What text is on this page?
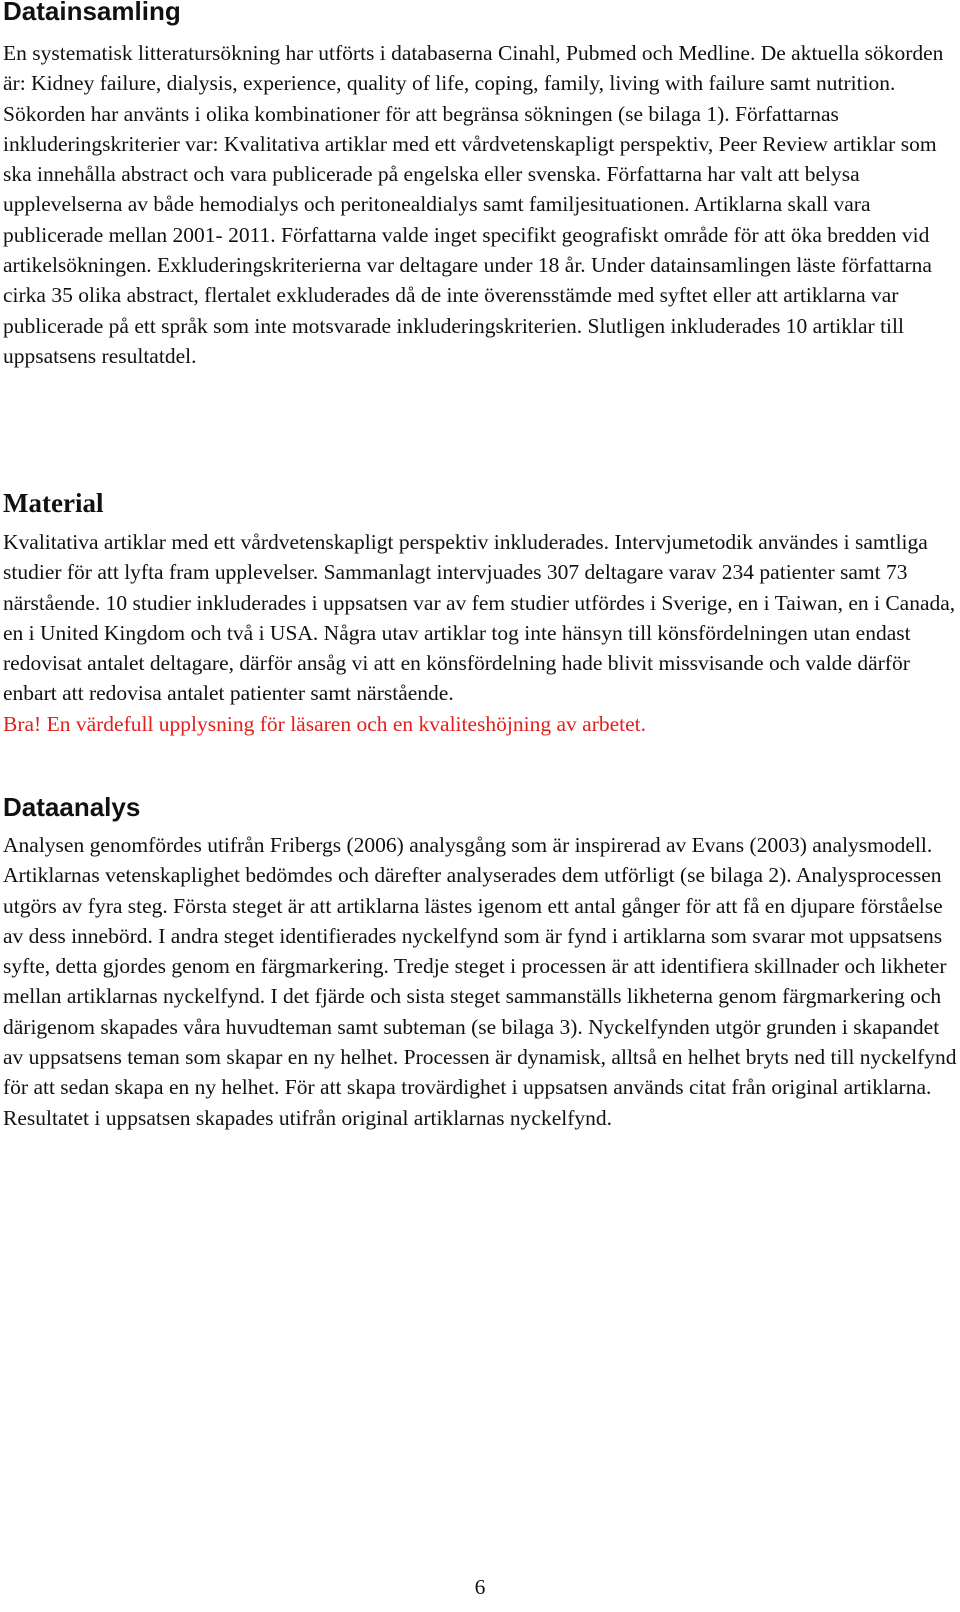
Datainsamling

En systematisk litteratursökning har utförts i databaserna Cinahl, Pubmed och Medline. De aktuella sökorden är: Kidney failure, dialysis, experience, quality of life, coping, family, living with failure samt nutrition. Sökorden har använts i olika kombinationer för att begränsa sökningen (se bilaga 1). Författarnas inkluderingskriterier var: Kvalitativa artiklar med ett vårdvetenskapligt perspektiv, Peer Review artiklar som ska innehålla abstract och vara publicerade på engelska eller svenska. Författarna har valt att belysa upplevelserna av både hemodialys och peritonealdialys samt familjesituationen. Artiklarna skall vara publicerade mellan 2001- 2011. Författarna valde inget specifikt geografiskt område för att öka bredden vid artikelsökningen. Exkluderingskriterierna var deltagare under 18 år. Under datainsamlingen läste författarna cirka 35 olika abstract, flertalet exkluderades då de inte överensstämde med syftet eller att artiklarna var publicerade på ett språk som inte motsvarade inkluderingskriterien. Slutligen inkluderades 10 artiklar till uppsatsens resultatdel.

Material

Kvalitativa artiklar med ett vårdvetenskapligt perspektiv inkluderades. Intervjumetodik användes i samtliga studier för att lyfta fram upplevelser. Sammanlagt intervjuades 307 deltagare varav 234 patienter samt 73 närstående. 10 studier inkluderades i uppsatsen var av fem studier utfördes i Sverige, en i Taiwan, en i Canada, en i United Kingdom och två i USA. Några utav artiklar tog inte hänsyn till könsfördelningen utan endast redovisat antalet deltagare, därför ansåg vi att en könsfördelning hade blivit missvisande och valde därför enbart att redovisa antalet patienter samt närstående.

Bra! En värdefull upplysning för läsaren och en kvaliteshöjning av arbetet.

Dataanalys

Analysen genomfördes utifrån Fribergs (2006) analysgång som är inspirerad av Evans (2003) analysmodell. Artiklarnas vetenskaplighet bedömdes och därefter analyserades dem utförligt (se bilaga 2). Analysprocessen utgörs av fyra steg. Första steget är att artiklarna lästes igenom ett antal gånger för att få en djupare förståelse av dess innebörd. I andra steget identifierades nyckelfynd som är fynd i artiklarna som svarar mot uppsatsens syfte, detta gjordes genom en färgmarkering. Tredje steget i processen är att identifiera skillnader och likheter mellan artiklarnas nyckelfynd. I det fjärde och sista steget sammanställs likheterna genom färgmarkering och därigenom skapades våra huvudteman samt subteman (se bilaga 3). Nyckelfynden utgör grunden i skapandet av uppsatsens teman som skapar en ny helhet. Processen är dynamisk, alltså en helhet bryts ned till nyckelfynd för att sedan skapa en ny helhet. För att skapa trovärdighet i uppsatsen används citat från original artiklarna. Resultatet i uppsatsen skapades utifrån original artiklarnas nyckelfynd.

6
